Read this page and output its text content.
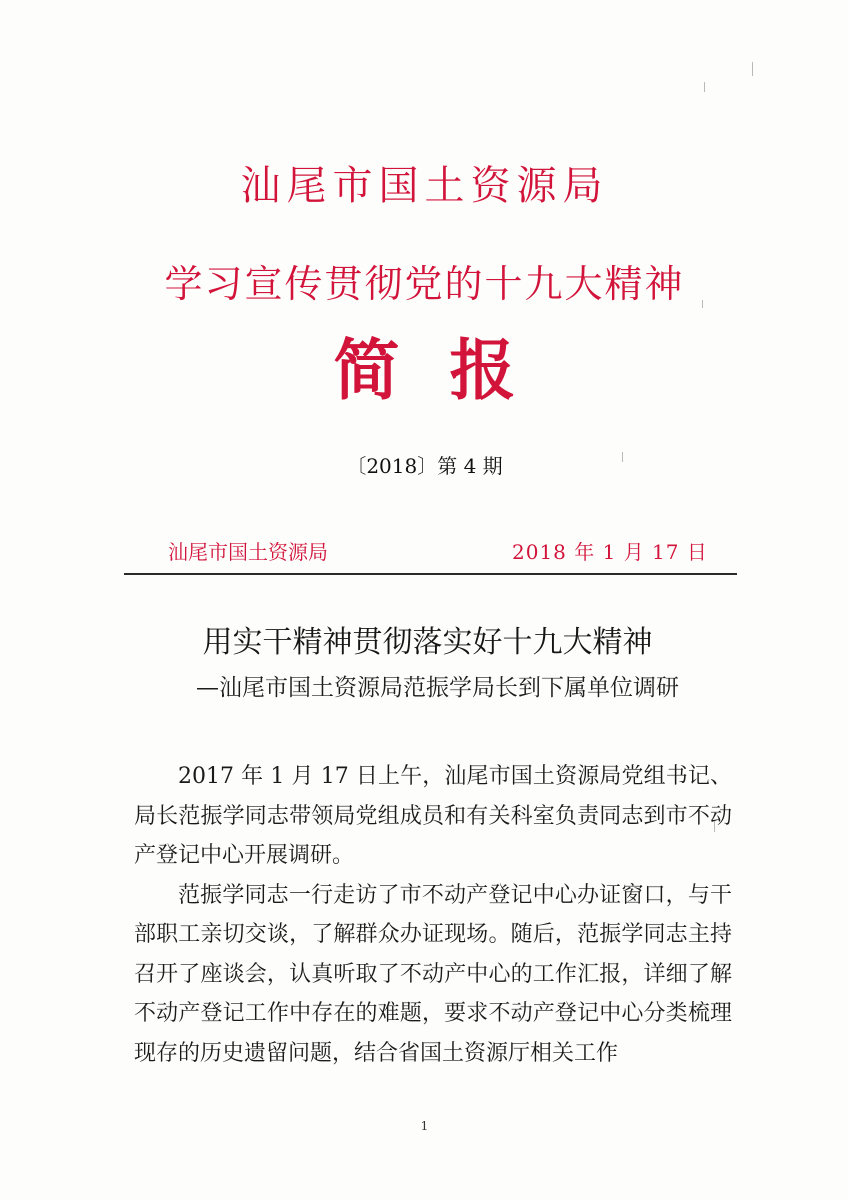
汕尾市国土资源局
学习宣传贯彻党的十九大精神
简 报
〔2018〕第 4 期
汕尾市国土资源局	2018 年 1 月 17 日
用实干精神贯彻落实好十九大精神
—汕尾市国土资源局范振学局长到下属单位调研

2017 年 1 月 17 日上午，汕尾市国土资源局党组书记、局长范振学同志带领局党组成员和有关科室负责同志到市不动产登记中心开展调研。

范振学同志一行走访了市不动产登记中心办证窗口，与干部职工亲切交谈，了解群众办证现场。随后，范振学同志主持召开了座谈会，认真听取了不动产中心的工作汇报，详细了解不动产登记工作中存在的难题，要求不动产登记中心分类梳理现存的历史遗留问题，结合省国土资源厅相关工作

1
